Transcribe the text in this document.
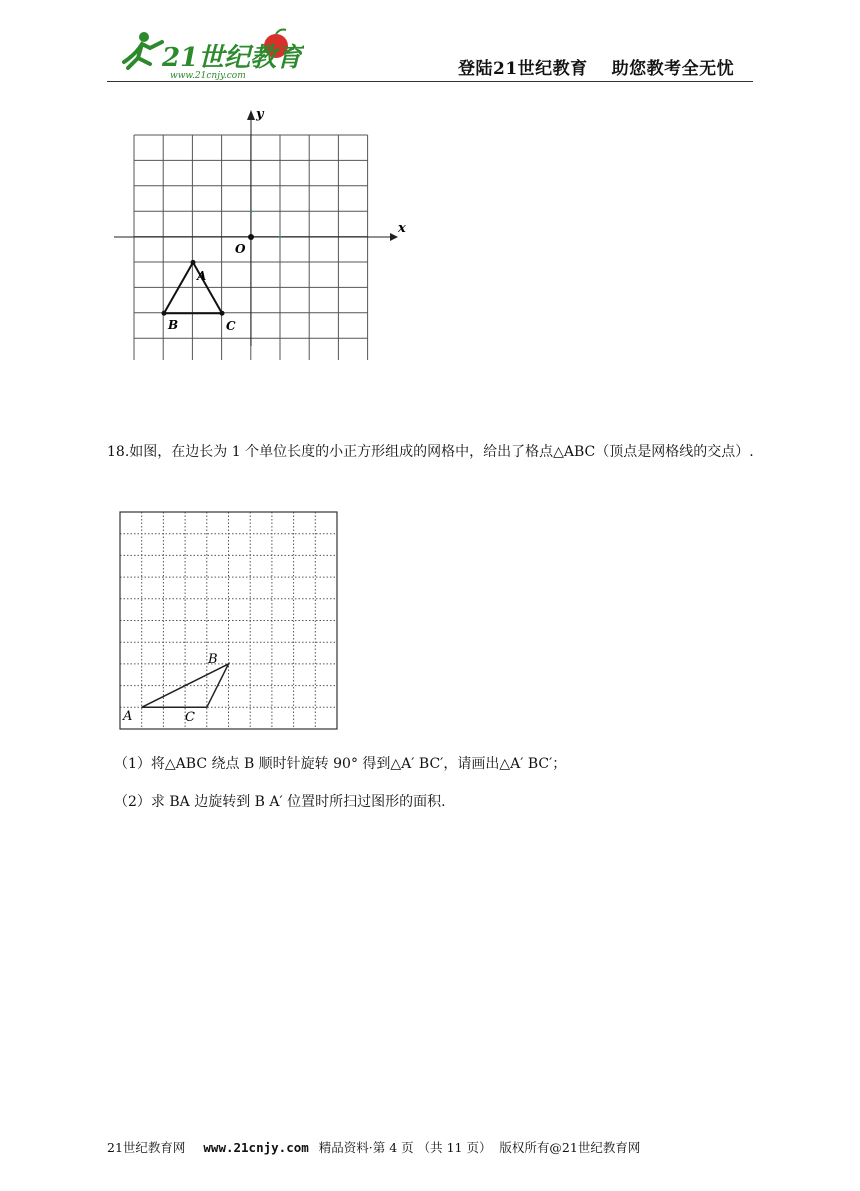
21世纪教育
www.21cnjy.com	登陆21世纪教育 助您教考全无忧
x
y
O
A
B	C
18.如图，在边长为 1 个单位长度的小正方形组成的网格中，给出了格点△ABC（顶点是网格线的交点）.
A
B
C
（1）将△ABC 绕点 B 顺时针旋转 90° 得到△A′ BC′，请画出△A′ BC′；
（2）求 BA 边旋转到 B A′ 位置时所扫过图形的面积.
21世纪教育网 www.21cnjy.com 精品资料·第 4 页 （共 11 页） 版权所有@21世纪教育网
